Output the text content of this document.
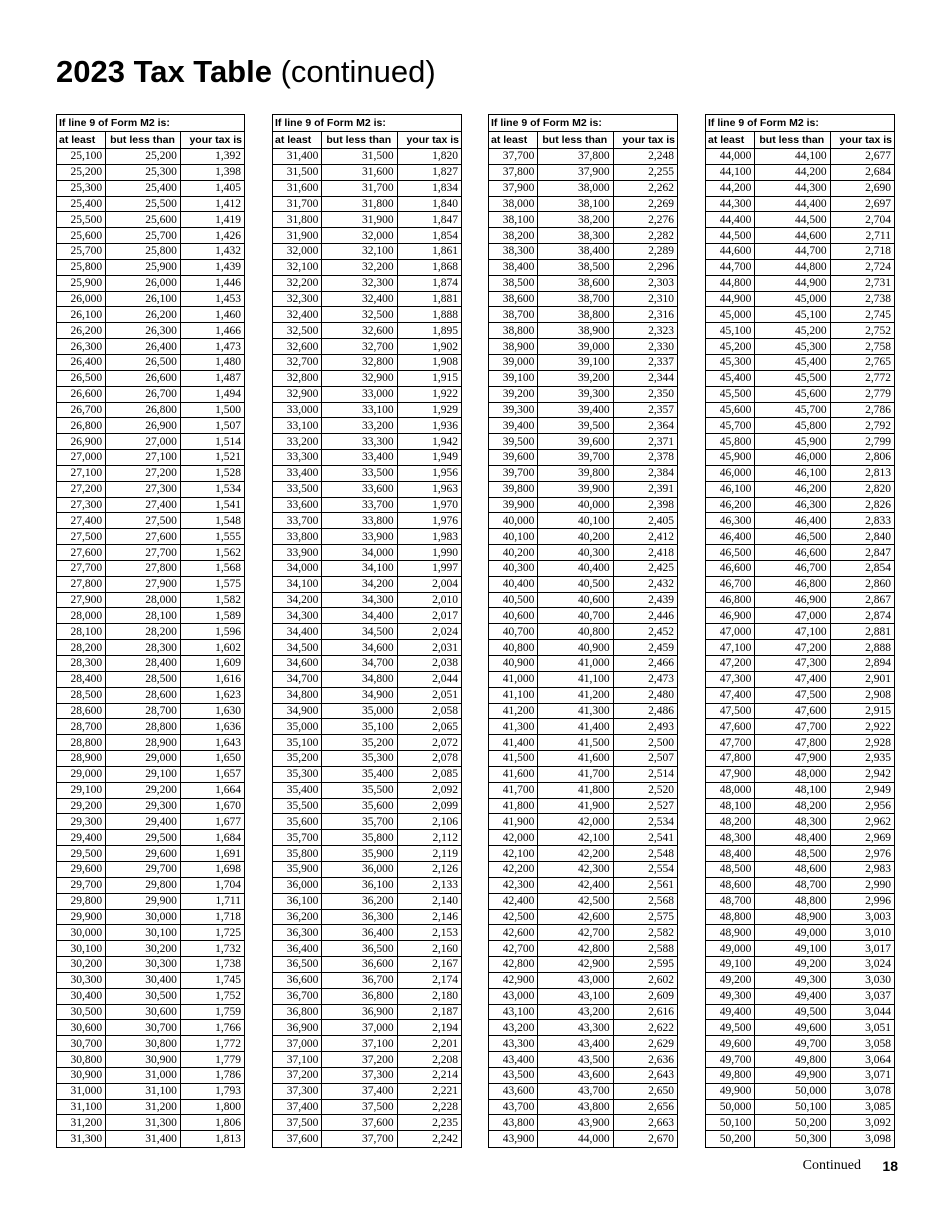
2023 Tax Table (continued)
If line 9 of Form M2 is:		
at least	but less than	your tax is
25,100	25,200	1,392
25,200	25,300	1,398
25,300	25,400	1,405
25,400	25,500	1,412
25,500	25,600	1,419
25,600	25,700	1,426
25,700	25,800	1,432
25,800	25,900	1,439
25,900	26,000	1,446
26,000	26,100	1,453
26,100	26,200	1,460
26,200	26,300	1,466
26,300	26,400	1,473
26,400	26,500	1,480
26,500	26,600	1,487
26,600	26,700	1,494
26,700	26,800	1,500
26,800	26,900	1,507
26,900	27,000	1,514
27,000	27,100	1,521
27,100	27,200	1,528
27,200	27,300	1,534
27,300	27,400	1,541
27,400	27,500	1,548
27,500	27,600	1,555
27,600	27,700	1,562
27,700	27,800	1,568
27,800	27,900	1,575
27,900	28,000	1,582
28,000	28,100	1,589
28,100	28,200	1,596
28,200	28,300	1,602
28,300	28,400	1,609
28,400	28,500	1,616
28,500	28,600	1,623
28,600	28,700	1,630
28,700	28,800	1,636
28,800	28,900	1,643
28,900	29,000	1,650
29,000	29,100	1,657
29,100	29,200	1,664
29,200	29,300	1,670
29,300	29,400	1,677
29,400	29,500	1,684
29,500	29,600	1,691
29,600	29,700	1,698
29,700	29,800	1,704
29,800	29,900	1,711
29,900	30,000	1,718
30,000	30,100	1,725
30,100	30,200	1,732
30,200	30,300	1,738
30,300	30,400	1,745
30,400	30,500	1,752
30,500	30,600	1,759
30,600	30,700	1,766
30,700	30,800	1,772
30,800	30,900	1,779
30,900	31,000	1,786
31,000	31,100	1,793
31,100	31,200	1,800
31,200	31,300	1,806
31,300	31,400	1,813
If line 9 of Form M2 is:		
at least	but less than	your tax is
31,400	31,500	1,820
31,500	31,600	1,827
31,600	31,700	1,834
31,700	31,800	1,840
31,800	31,900	1,847
31,900	32,000	1,854
32,000	32,100	1,861
32,100	32,200	1,868
32,200	32,300	1,874
32,300	32,400	1,881
32,400	32,500	1,888
32,500	32,600	1,895
32,600	32,700	1,902
32,700	32,800	1,908
32,800	32,900	1,915
32,900	33,000	1,922
33,000	33,100	1,929
33,100	33,200	1,936
33,200	33,300	1,942
33,300	33,400	1,949
33,400	33,500	1,956
33,500	33,600	1,963
33,600	33,700	1,970
33,700	33,800	1,976
33,800	33,900	1,983
33,900	34,000	1,990
34,000	34,100	1,997
34,100	34,200	2,004
34,200	34,300	2,010
34,300	34,400	2,017
34,400	34,500	2,024
34,500	34,600	2,031
34,600	34,700	2,038
34,700	34,800	2,044
34,800	34,900	2,051
34,900	35,000	2,058
35,000	35,100	2,065
35,100	35,200	2,072
35,200	35,300	2,078
35,300	35,400	2,085
35,400	35,500	2,092
35,500	35,600	2,099
35,600	35,700	2,106
35,700	35,800	2,112
35,800	35,900	2,119
35,900	36,000	2,126
36,000	36,100	2,133
36,100	36,200	2,140
36,200	36,300	2,146
36,300	36,400	2,153
36,400	36,500	2,160
36,500	36,600	2,167
36,600	36,700	2,174
36,700	36,800	2,180
36,800	36,900	2,187
36,900	37,000	2,194
37,000	37,100	2,201
37,100	37,200	2,208
37,200	37,300	2,214
37,300	37,400	2,221
37,400	37,500	2,228
37,500	37,600	2,235
37,600	37,700	2,242
If line 9 of Form M2 is:		
at least	but less than	your tax is
37,700	37,800	2,248
37,800	37,900	2,255
37,900	38,000	2,262
38,000	38,100	2,269
38,100	38,200	2,276
38,200	38,300	2,282
38,300	38,400	2,289
38,400	38,500	2,296
38,500	38,600	2,303
38,600	38,700	2,310
38,700	38,800	2,316
38,800	38,900	2,323
38,900	39,000	2,330
39,000	39,100	2,337
39,100	39,200	2,344
39,200	39,300	2,350
39,300	39,400	2,357
39,400	39,500	2,364
39,500	39,600	2,371
39,600	39,700	2,378
39,700	39,800	2,384
39,800	39,900	2,391
39,900	40,000	2,398
40,000	40,100	2,405
40,100	40,200	2,412
40,200	40,300	2,418
40,300	40,400	2,425
40,400	40,500	2,432
40,500	40,600	2,439
40,600	40,700	2,446
40,700	40,800	2,452
40,800	40,900	2,459
40,900	41,000	2,466
41,000	41,100	2,473
41,100	41,200	2,480
41,200	41,300	2,486
41,300	41,400	2,493
41,400	41,500	2,500
41,500	41,600	2,507
41,600	41,700	2,514
41,700	41,800	2,520
41,800	41,900	2,527
41,900	42,000	2,534
42,000	42,100	2,541
42,100	42,200	2,548
42,200	42,300	2,554
42,300	42,400	2,561
42,400	42,500	2,568
42,500	42,600	2,575
42,600	42,700	2,582
42,700	42,800	2,588
42,800	42,900	2,595
42,900	43,000	2,602
43,000	43,100	2,609
43,100	43,200	2,616
43,200	43,300	2,622
43,300	43,400	2,629
43,400	43,500	2,636
43,500	43,600	2,643
43,600	43,700	2,650
43,700	43,800	2,656
43,800	43,900	2,663
43,900	44,000	2,670
If line 9 of Form M2 is:		
at least	but less than	your tax is
44,000	44,100	2,677
44,100	44,200	2,684
44,200	44,300	2,690
44,300	44,400	2,697
44,400	44,500	2,704
44,500	44,600	2,711
44,600	44,700	2,718
44,700	44,800	2,724
44,800	44,900	2,731
44,900	45,000	2,738
45,000	45,100	2,745
45,100	45,200	2,752
45,200	45,300	2,758
45,300	45,400	2,765
45,400	45,500	2,772
45,500	45,600	2,779
45,600	45,700	2,786
45,700	45,800	2,792
45,800	45,900	2,799
45,900	46,000	2,806
46,000	46,100	2,813
46,100	46,200	2,820
46,200	46,300	2,826
46,300	46,400	2,833
46,400	46,500	2,840
46,500	46,600	2,847
46,600	46,700	2,854
46,700	46,800	2,860
46,800	46,900	2,867
46,900	47,000	2,874
47,000	47,100	2,881
47,100	47,200	2,888
47,200	47,300	2,894
47,300	47,400	2,901
47,400	47,500	2,908
47,500	47,600	2,915
47,600	47,700	2,922
47,700	47,800	2,928
47,800	47,900	2,935
47,900	48,000	2,942
48,000	48,100	2,949
48,100	48,200	2,956
48,200	48,300	2,962
48,300	48,400	2,969
48,400	48,500	2,976
48,500	48,600	2,983
48,600	48,700	2,990
48,700	48,800	2,996
48,800	48,900	3,003
48,900	49,000	3,010
49,000	49,100	3,017
49,100	49,200	3,024
49,200	49,300	3,030
49,300	49,400	3,037
49,400	49,500	3,044
49,500	49,600	3,051
49,600	49,700	3,058
49,700	49,800	3,064
49,800	49,900	3,071
49,900	50,000	3,078
50,000	50,100	3,085
50,100	50,200	3,092
50,200	50,300	3,098
Continued 18
